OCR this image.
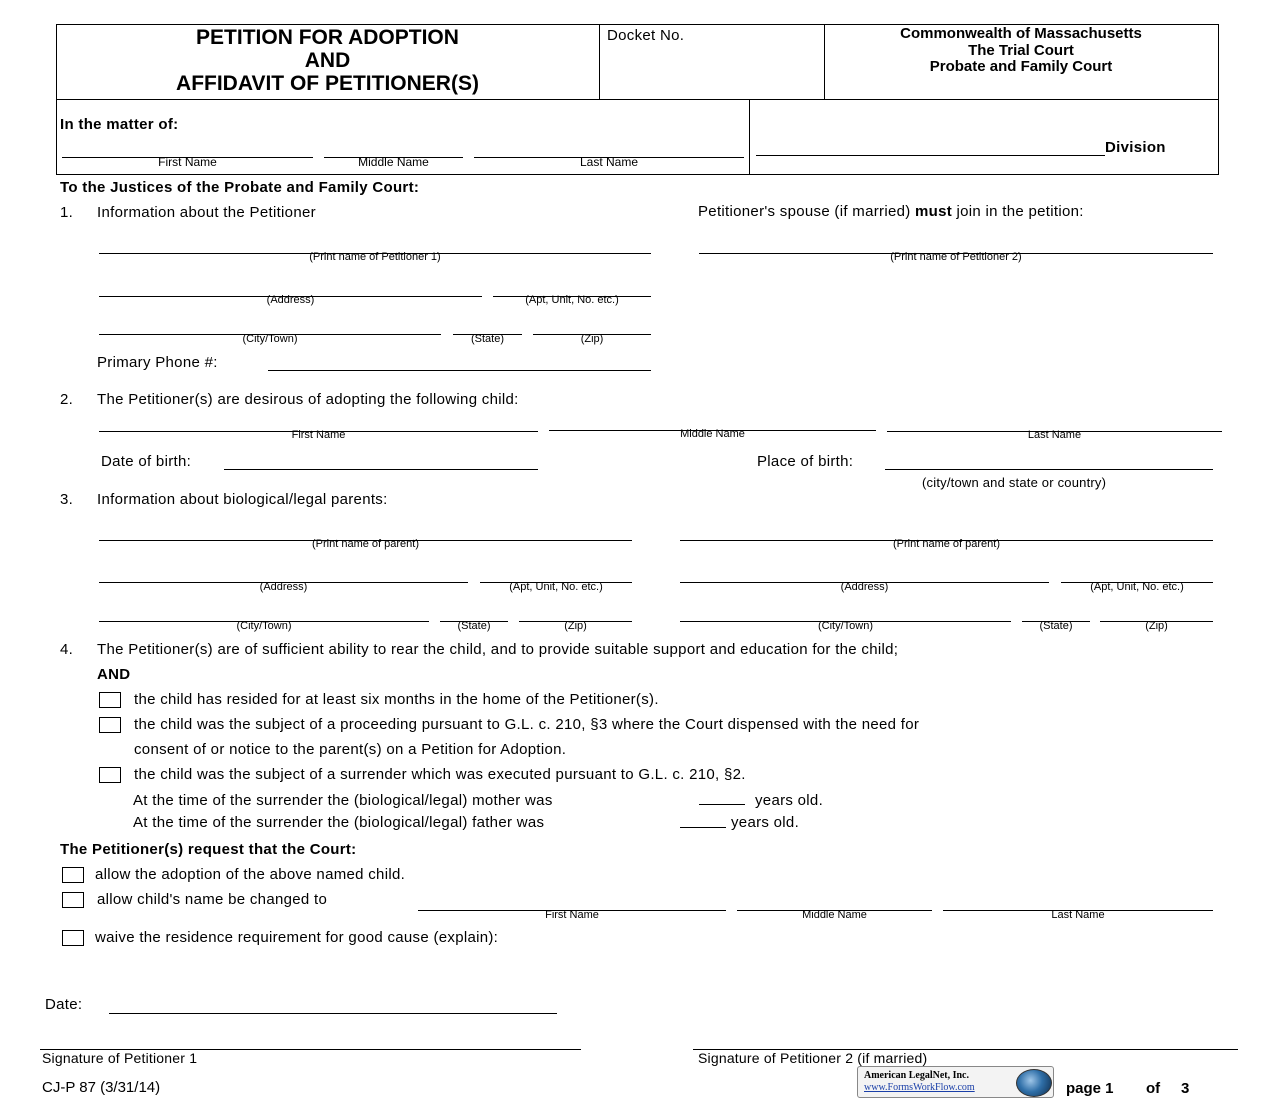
PETITION FOR ADOPTION
AND
AFFIDAVIT OF PETITIONER(S)
Docket No.	Commonwealth of Massachusetts
The Trial Court
Probate and Family Court
In the matter of:
First Name	Middle Name	Last Name
Division
To the Justices of the Probate and Family Court:
1. Information about the Petitioner	Petitioner's spouse (if married) must join in the petition:
(Print name of Petitioner 1)	(Print name of Petitioner 2)
(Address)	(Apt, Unit, No. etc.)
(City/Town)	(State)	(Zip)
Primary Phone #:
2. The Petitioner(s) are desirous of adopting the following child:
First Name	Middle Name	Last Name
Date of birth:	Place of birth:
(city/town and state or country)
3. Information about biological/legal parents:
(Print name of parent)	(Print name of parent)
(Address)	(Apt, Unit, No. etc.)	(Address)	(Apt, Unit, No. etc.)
(City/Town)	(State)	(Zip)	(City/Town)	(State)	(Zip)
4. The Petitioner(s) are of sufficient ability to rear the child, and to provide suitable support and education for the child;
AND
the child has resided for at least six months in the home of the Petitioner(s).
the child was the subject of a proceeding pursuant to G.L. c. 210, §3 where the Court dispensed with the need for
consent of or notice to the parent(s) on a Petition for Adoption.
the child was the subject of a surrender which was executed pursuant to G.L. c. 210, §2.
At the time of the surrender the (biological/legal) mother was	years old.
At the time of the surrender the (biological/legal) father was	years old.
The Petitioner(s) request that the Court:
allow the adoption of the above named child.
allow child's name be changed to
First Name	Middle Name	Last Name
waive the residence requirement for good cause (explain):
Date:
Signature of Petitioner 1	Signature of Petitioner 2 (if married)
CJ-P 87 (3/31/14)
American LegalNet, Inc.
www.FormsWorkFlow.com	page 1 of 3
